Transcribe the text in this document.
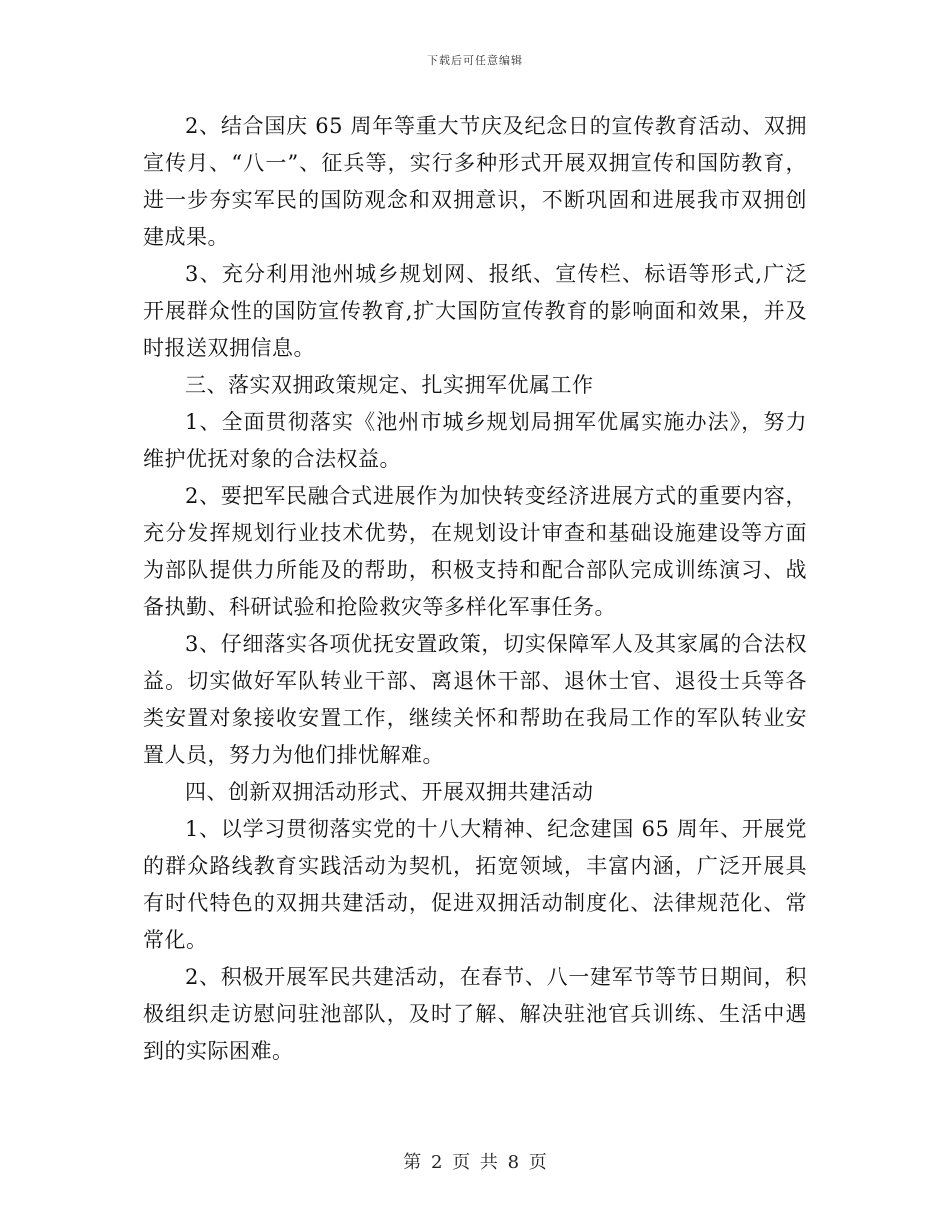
下载后可任意编辑

2、结合国庆 65 周年等重大节庆及纪念日的宣传教育活动、双拥宣传月、“八一”、征兵等，实行多种形式开展双拥宣传和国防教育，进一步夯实军民的国防观念和双拥意识，不断巩固和进展我市双拥创建成果。

3、充分利用池州城乡规划网、报纸、宣传栏、标语等形式,广泛开展群众性的国防宣传教育,扩大国防宣传教育的影响面和效果，并及时报送双拥信息。

三、落实双拥政策规定、扎实拥军优属工作

1、全面贯彻落实《池州市城乡规划局拥军优属实施办法》，努力维护优抚对象的合法权益。

2、要把军民融合式进展作为加快转变经济进展方式的重要内容，充分发挥规划行业技术优势，在规划设计审查和基础设施建设等方面为部队提供力所能及的帮助，积极支持和配合部队完成训练演习、战备执勤、科研试验和抢险救灾等多样化军事任务。

3、仔细落实各项优抚安置政策，切实保障军人及其家属的合法权益。切实做好军队转业干部、离退休干部、退休士官、退役士兵等各类安置对象接收安置工作，继续关怀和帮助在我局工作的军队转业安置人员，努力为他们排忧解难。

四、创新双拥活动形式、开展双拥共建活动

1、以学习贯彻落实党的十八大精神、纪念建国 65 周年、开展党的群众路线教育实践活动为契机，拓宽领域，丰富内涵，广泛开展具有时代特色的双拥共建活动，促进双拥活动制度化、法律规范化、常常化。

2、积极开展军民共建活动，在春节、八一建军节等节日期间，积极组织走访慰问驻池部队，及时了解、解决驻池官兵训练、生活中遇到的实际困难。

第 2 页 共 8 页
